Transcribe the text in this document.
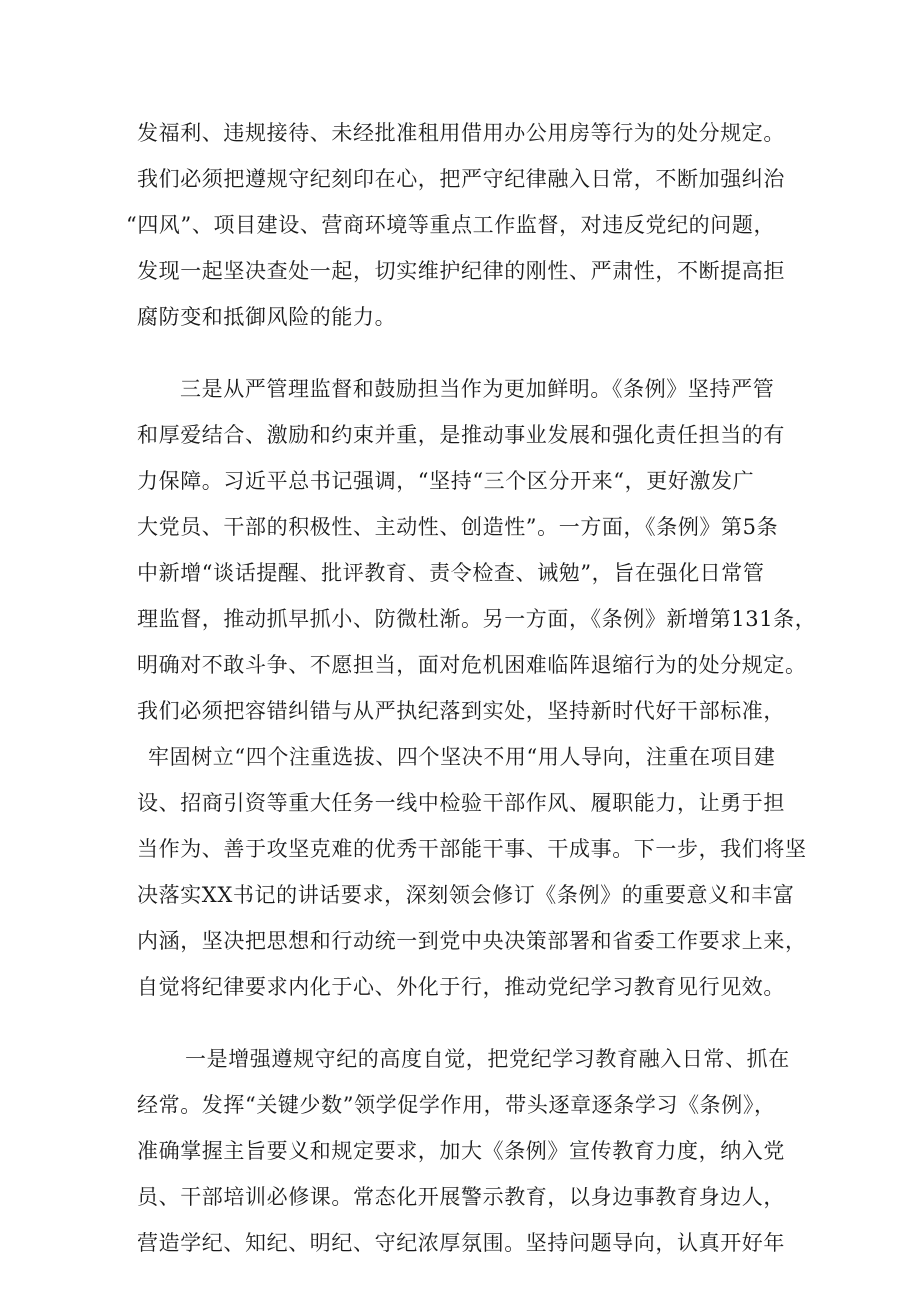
发福利、违规接待、未经批准租用借用办公用房等行为的处分规定。
我们必须把遵规守纪刻印在心，把严守纪律融入日常，不断加强纠治
“四风”、项目建设、营商环境等重点工作监督，对违反党纪的问题，
发现一起坚决查处一起，切实维护纪律的刚性、严肃性，不断提高拒
腐防变和抵御风险的能力。
三是从严管理监督和鼓励担当作为更加鲜明。《条例》坚持严管
和厚爱结合、激励和约束并重，是推动事业发展和强化责任担当的有
力保障。习近平总书记强调，“坚持“三个区分开来“，更好激发广
大党员、干部的积极性、主动性、创造性”。一方面，《条例》第5条
中新增“谈话提醒、批评教育、责令检查、诫勉”，旨在强化日常管
理监督，推动抓早抓小、防微杜渐。另一方面，《条例》新增第131条，
明确对不敢斗争、不愿担当，面对危机困难临阵退缩行为的处分规定。
我们必须把容错纠错与从严执纪落到实处，坚持新时代好干部标准，
牢固树立“四个注重选拔、四个坚决不用“用人导向，注重在项目建
设、招商引资等重大任务一线中检验干部作风、履职能力，让勇于担
当作为、善于攻坚克难的优秀干部能干事、干成事。下一步，我们将坚
决落实XX书记的讲话要求，深刻领会修订《条例》的重要意义和丰富
内涵，坚决把思想和行动统一到党中央决策部署和省委工作要求上来，
自觉将纪律要求内化于心、外化于行，推动党纪学习教育见行见效。
一是增强遵规守纪的高度自觉，把党纪学习教育融入日常、抓在
经常。发挥“关键少数”领学促学作用，带头逐章逐条学习《条例》，
准确掌握主旨要义和规定要求，加大《条例》宣传教育力度，纳入党
员、干部培训必修课。常态化开展警示教育，以身边事教育身边人，
营造学纪、知纪、明纪、守纪浓厚氛围。坚持问题导向，认真开好年
